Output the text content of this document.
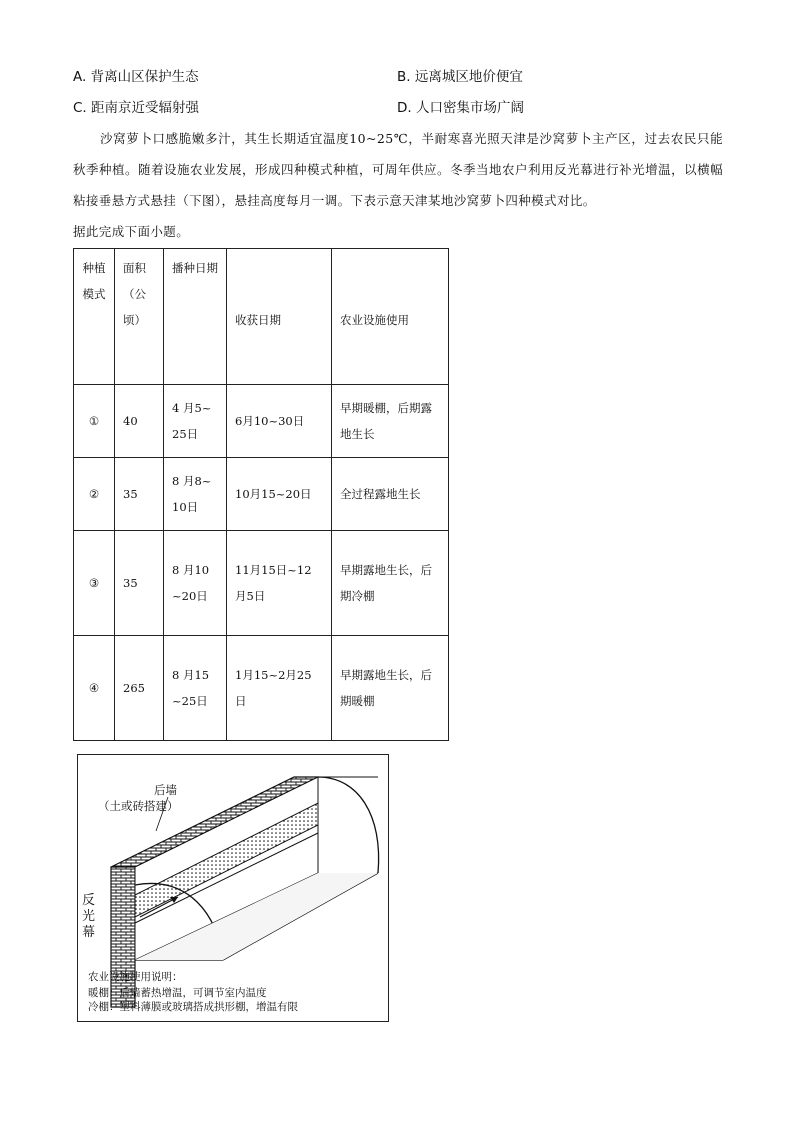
A. 背离山区保护生态	B. 远离城区地价便宜
C. 距南京近受辐射强	D. 人口密集市场广阔

沙窝萝卜口感脆嫩多汁，其生长期适宜温度10~25℃，半耐寒喜光照天津是沙窝萝卜主产区，过去农民只能秋季种植。随着设施农业发展，形成四种模式种植，可周年供应。冬季当地农户利用反光幕进行补光增温，以横幅粘接垂悬方式悬挂（下图），悬挂高度每月一调。下表示意天津某地沙窝萝卜四种模式对比。

据此完成下面小题。

种植模式	面积（公顷）	播种日期	收获日期	农业设施使用
①	40	4 月5~25日	6月10~30日	早期暖棚，后期露地生长
②	35	8 月8~10日	10月15~20日	全过程露地生长
③	35	8 月10~20日	11月15日~12月5日	早期露地生长，后期冷棚
④	265	8 月15~25日	1月15~2月25日	早期露地生长，后期暖棚
后墙
（土或砖搭建）
反光幕
农业设施使用说明：
暖棚：后墙蓄热增温，可调节室内温度
冷棚：塑料薄膜或玻璃搭成拱形棚，增温有限
